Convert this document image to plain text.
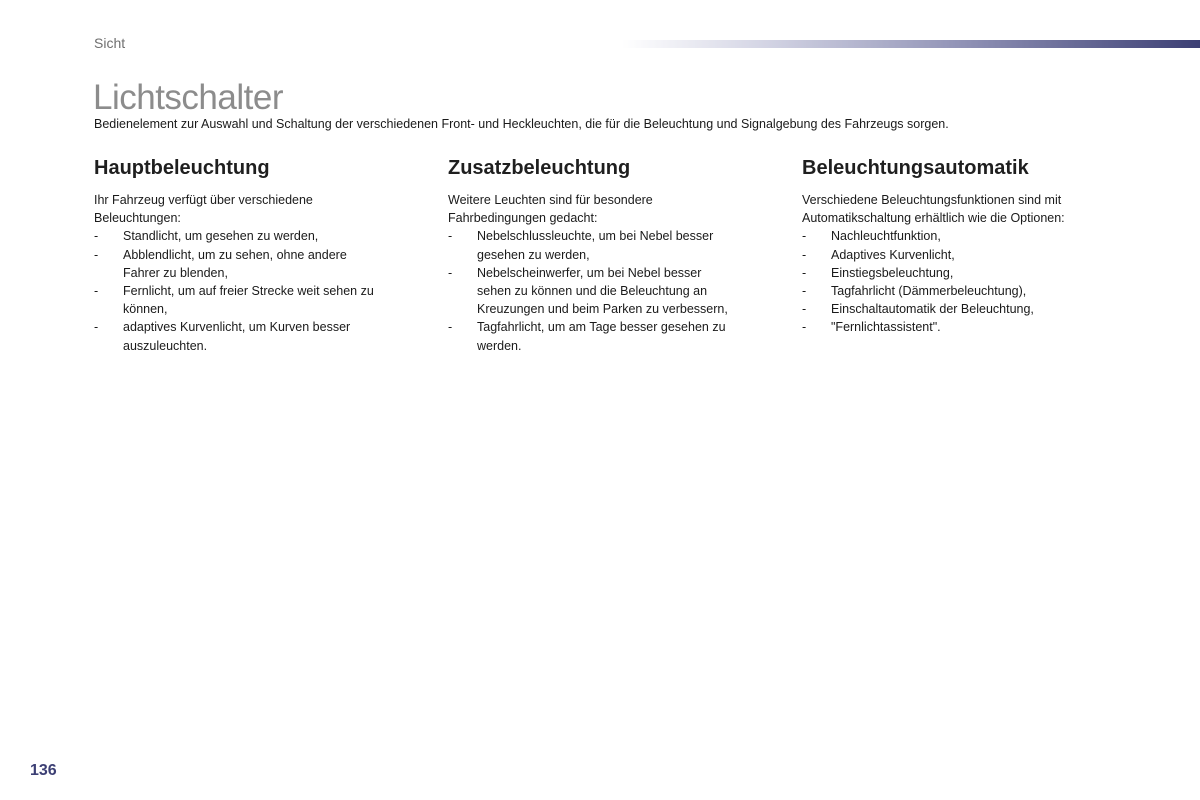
Sicht
Lichtschalter

Bedienelement zur Auswahl und Schaltung der verschiedenen Front- und Heckleuchten, die für die Beleuchtung und Signalgebung des Fahrzeugs sorgen.

Hauptbeleuchtung

Ihr Fahrzeug verfügt über verschiedene Beleuchtungen:

- Standlicht, um gesehen zu werden,
- Abblendlicht, um zu sehen, ohne andere Fahrer zu blenden,
- Fernlicht, um auf freier Strecke weit sehen zu können,
- adaptives Kurvenlicht, um Kurven besser auszuleuchten.
Zusatzbeleuchtung

Weitere Leuchten sind für besondere Fahrbedingungen gedacht:

- Nebelschlussleuchte, um bei Nebel besser gesehen zu werden,
- Nebelscheinwerfer, um bei Nebel besser sehen zu können und die Beleuchtung an Kreuzungen und beim Parken zu verbessern,
- Tagfahrlicht, um am Tage besser gesehen zu werden.
Beleuchtungsautomatik

Verschiedene Beleuchtungsfunktionen sind mit Automatikschaltung erhältlich wie die Optionen:

- Nachleuchtfunktion,
- Adaptives Kurvenlicht,
- Einstiegsbeleuchtung,
- Tagfahrlicht (Dämmerbeleuchtung),
- Einschaltautomatik der Beleuchtung,
- "Fernlichtassistent".
136
